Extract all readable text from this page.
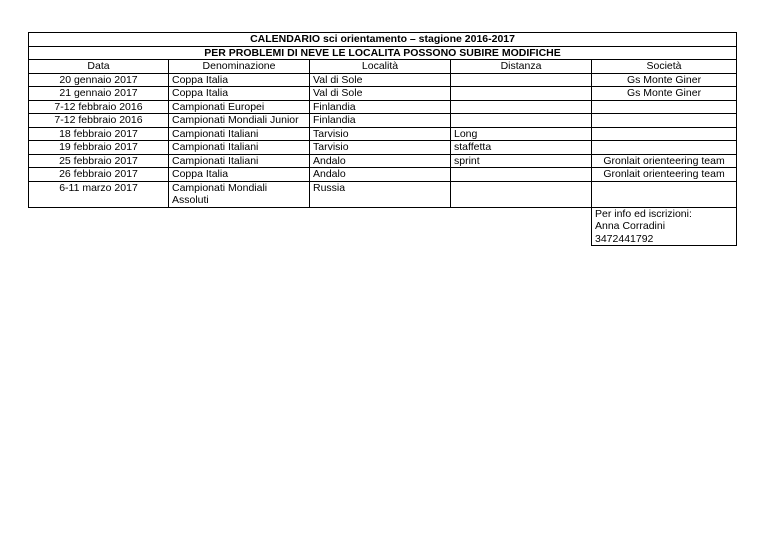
CALENDARIO sci orientamento – stagione 2016-2017				
PER PROBLEMI DI NEVE LE LOCALITA POSSONO SUBIRE MODIFICHE				
Data	Denominazione	Località	Distanza	Società
20 gennaio 2017	Coppa Italia	Val di Sole		Gs Monte Giner
21 gennaio 2017	Coppa Italia	Val di Sole		Gs Monte Giner
7-12 febbraio 2016	Campionati Europei	Finlandia		
7-12 febbraio 2016	Campionati Mondiali Junior	Finlandia		
18 febbraio 2017	Campionati Italiani	Tarvisio	Long	
19 febbraio 2017	Campionati Italiani	Tarvisio	staffetta	
25 febbraio 2017	Campionati Italiani	Andalo	sprint	Gronlait orienteering team
26 febbraio 2017	Coppa Italia	Andalo		Gronlait orienteering team
6-11 marzo 2017	Campionati Mondiali Assoluti	Russia		

				Per info ed iscrizioni:
Anna Corradini
3472441792
